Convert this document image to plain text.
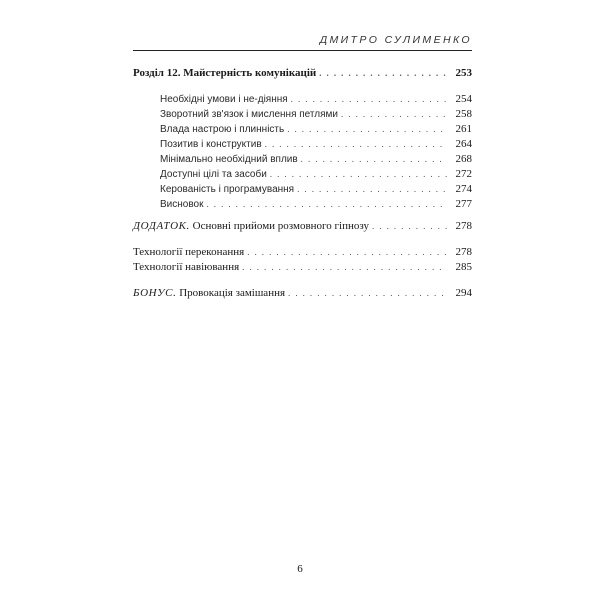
ДМИТРО СУЛИМЕНКО
Розділ 12. Майстерність комунікацій . . .	253
Необхідні умови і не-діяння . . .	254
Зворотний зв'язок і мислення петлями . . .	258
Влада настрою і плинність . . .	261
Позитив і конструктив . . .	264
Мінімально необхідний вплив . . .	268
Доступні цілі та засоби . . .	272
Керованість і програмування . . .	274
Висновок . . .	277
ДОДАТОК. Основні прийоми розмовного гіпнозу . . .	278
Технології переконання . . .	278
Технології навіювання . . .	285
БОНУС. Провокація замішання . . .	294
6
